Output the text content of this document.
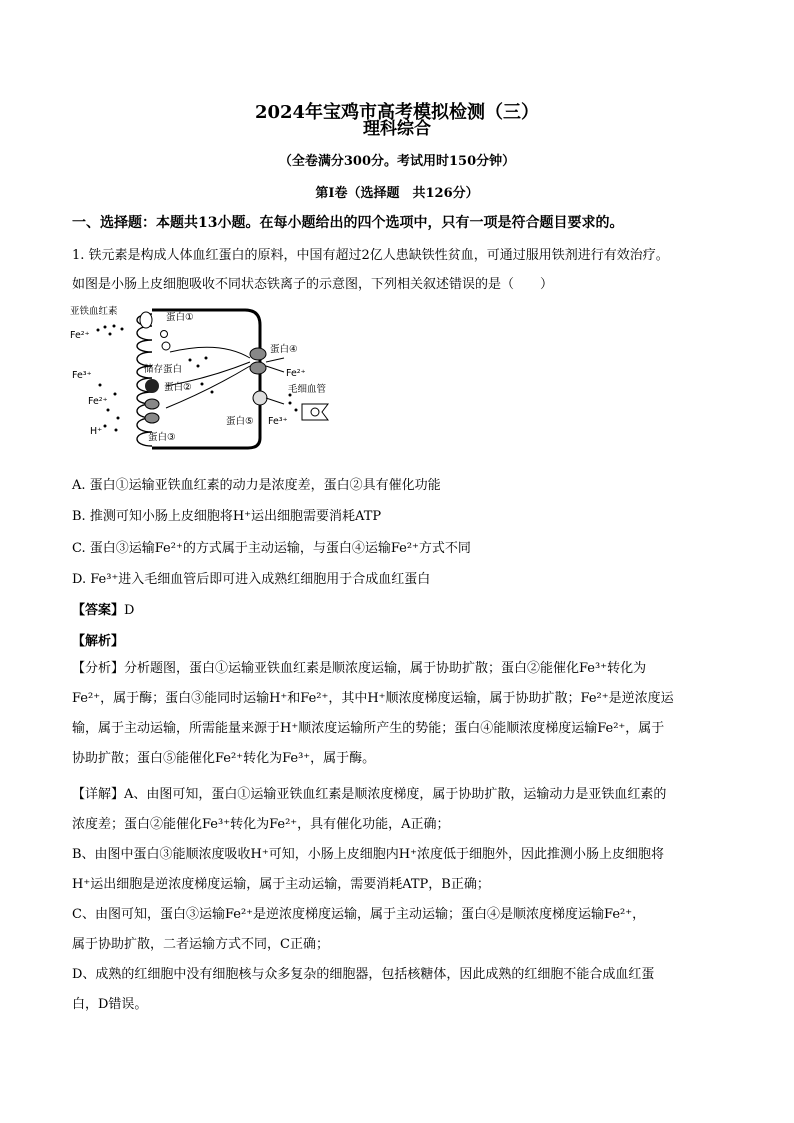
2024年宝鸡市高考模拟检测（三）
理科综合
（全卷满分300分。考试用时150分钟）
第Ⅰ卷（选择题　共126分）
一、选择题：本题共13小题。在每小题给出的四个选项中，只有一项是符合题目要求的。
1. 铁元素是构成人体血红蛋白的原料，中国有超过2亿人患缺铁性贫血，可通过服用铁剂进行有效治疗。
如图是小肠上皮细胞吸收不同状态铁离子的示意图，下列相关叙述错误的是（　　）
亚铁血红素
Fe²⁺
Fe³⁺
Fe²⁺
H⁺
蛋白①
储存蛋白
蛋白②
蛋白③
蛋白④
Fe²⁺
毛细血管
蛋白⑤ Fe³⁺
A. 蛋白①运输亚铁血红素的动力是浓度差，蛋白②具有催化功能
B. 推测可知小肠上皮细胞将H⁺运出细胞需要消耗ATP
C. 蛋白③运输Fe²⁺的方式属于主动运输，与蛋白④运输Fe²⁺方式不同
D. Fe³⁺进入毛细血管后即可进入成熟红细胞用于合成血红蛋白
【答案】D
【解析】
【分析】分析题图，蛋白①运输亚铁血红素是顺浓度运输，属于协助扩散；蛋白②能催化Fe³⁺转化为
Fe²⁺，属于酶；蛋白③能同时运输H⁺和Fe²⁺，其中H⁺顺浓度梯度运输，属于协助扩散；Fe²⁺是逆浓度运
输，属于主动运输，所需能量来源于H⁺顺浓度运输所产生的势能；蛋白④能顺浓度梯度运输Fe²⁺，属于
协助扩散；蛋白⑤能催化Fe²⁺转化为Fe³⁺，属于酶。
【详解】A、由图可知，蛋白①运输亚铁血红素是顺浓度梯度，属于协助扩散，运输动力是亚铁血红素的
浓度差；蛋白②能催化Fe³⁺转化为Fe²⁺，具有催化功能，A正确；
B、由图中蛋白③能顺浓度吸收H⁺可知，小肠上皮细胞内H⁺浓度低于细胞外，因此推测小肠上皮细胞将
H⁺运出细胞是逆浓度梯度运输，属于主动运输，需要消耗ATP，B正确；
C、由图可知，蛋白③运输Fe²⁺是逆浓度梯度运输，属于主动运输；蛋白④是顺浓度梯度运输Fe²⁺，
属于协助扩散，二者运输方式不同，C正确；
D、成熟的红细胞中没有细胞核与众多复杂的细胞器，包括核糖体，因此成熟的红细胞不能合成血红蛋
白，D错误。
